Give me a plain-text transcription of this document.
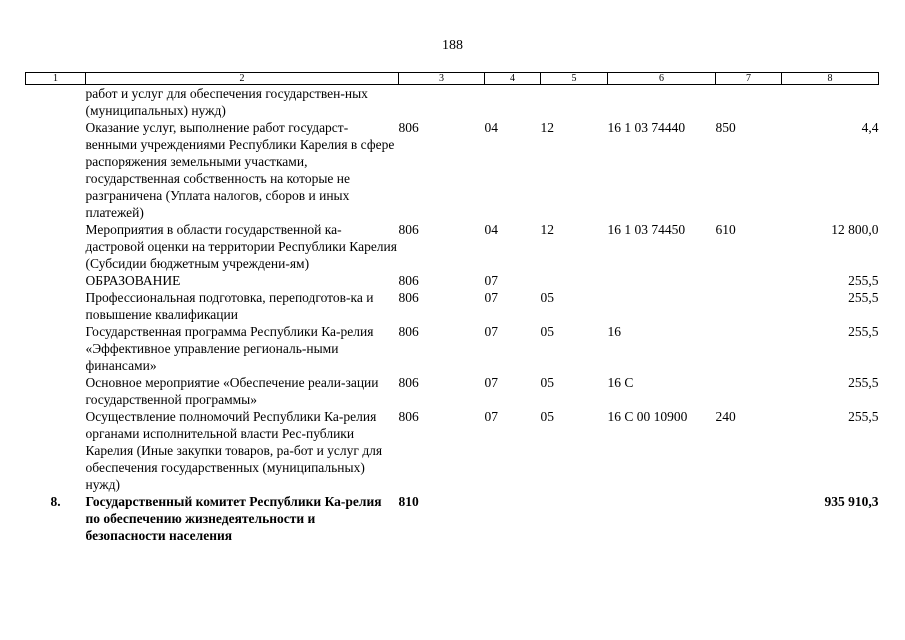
188
1	2	3	4	5	6	7	8
	работ и услуг для обеспечения государствен-ных (муниципальных) нужд)						
	Оказание услуг, выполнение работ государст-венными учреждениями Республики Карелия в сфере распоряжения земельными участками, государственная собственность на которые не разграничена (Уплата налогов, сборов и иных платежей)	806	04	12	16 1 03 74440	850	4,4
	Мероприятия в области государственной ка-дастровой оценки на территории Республики Карелия (Субсидии бюджетным учреждени-ям)	806	04	12	16 1 03 74450	610	12 800,0
	ОБРАЗОВАНИЕ	806	07				255,5
	Профессиональная подготовка, переподготов-ка и повышение квалификации	806	07	05			255,5
	Государственная программа Республики Ка-релия «Эффективное управление региональ-ными финансами»	806	07	05	16		255,5
	Основное мероприятие «Обеспечение реали-зации государственной программы»	806	07	05	16 С		255,5
	Осуществление полномочий Республики Ка-релия органами исполнительной власти Рес-публики Карелия (Иные закупки товаров, ра-бот и услуг для обеспечения государственных (муниципальных) нужд)	806	07	05	16 С 00 10900	240	255,5
8.	Государственный комитет Республики Ка-релия по обеспечению жизнедеятельности и безопасности населения	810					935 910,3
